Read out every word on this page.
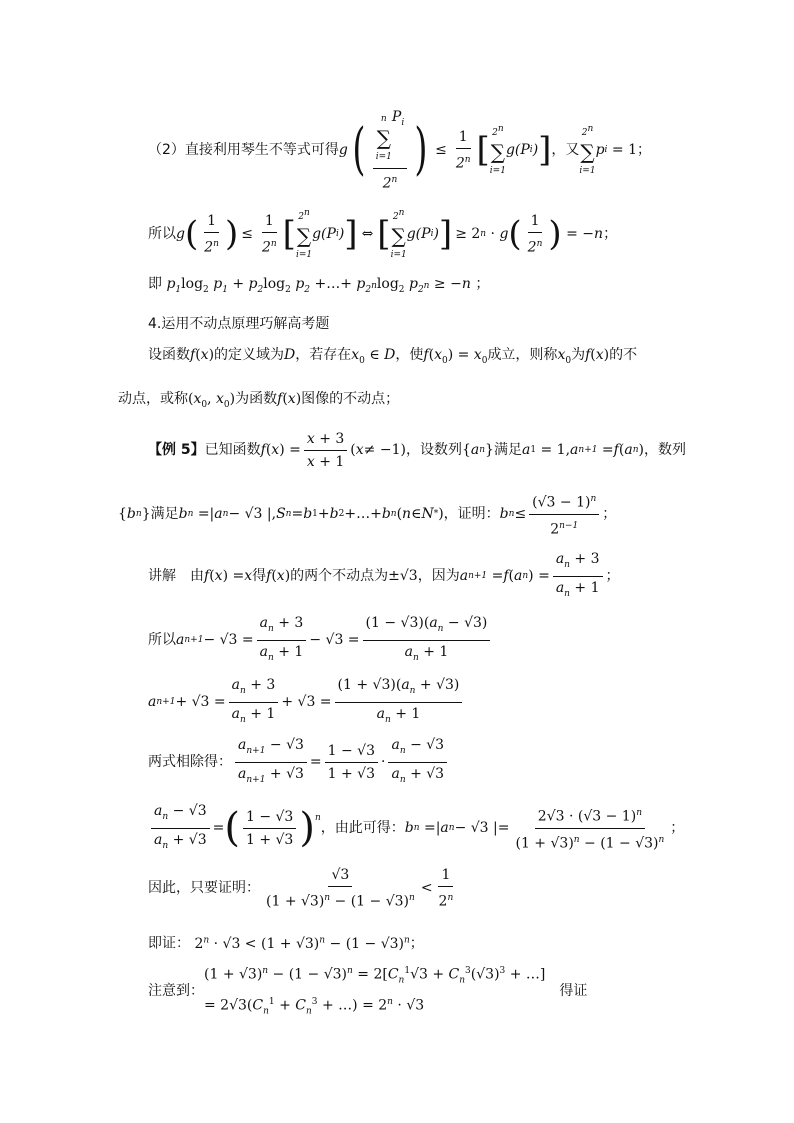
（2）直接利用琴生不等式可得 g ( n
∑
i=1
$P_i$
2$^n$ ) ≤ $\frac{1}{2^n}$ [ 2$^n$
∑
i=1
g(P i ) ] ，又
2$^n$
∑
i=1
p i = 1 ；
所以 g ( $\frac{1}{2^n}$ ) ≤ $\frac{1}{2^n}$ [ 2$^n$
∑
i=1
g(P i ) ] ⇔ [ 2$^n$
∑
i=1
g(P i ) ] ≥ 2 n · g ( $\frac{1}{2^n}$ ) = − n ；
即 $p_1\log_2$ $p_1 + p_2\log_2$ $p_2$ +…+ $p_{2^n}\log_2$ $p_{2^n} \ge -n$ ；
4.运用不动点原理巧解高考题
设函数f(x)的定义域为D，若存在$x_0$ ∈ D，使$f(x_0) = x_0$成立，则称$x_0$为f(x)的不
动点，或称($x_0$, $x_0$)为函数f(x)图像的不动点；
【例 5】 已知函数 f ( x ) = $\frac{x + 3}{x + 1}$ ( x ≠ −1) ，设数列 { a n } 满足 a 1 = 1, a n+1 = f ( a n ) ，数列
{ b n } 满足 b n =| a n − √3 |, S n = b 1 + b 2 +…+ b n ( n ∈ N * ) ，证明： b $n \le \frac{(√3 - 1)^n}{2^{n-1}}$ ；
讲解　由 f ( x ) = x 得 f ( x ) 的两个不动点为 ±√3 ，因为 a n+1 = f ( a n ) = $\frac{a_n + 3}{a_n + 1}$ ；
所以 a $n+1 - √3 = \frac{a_n + 3}{a_n + 1} - √3 = \frac{(1 - √3)(a_n - √3)}{a_n + 1}$
a $n+1 + √3 = \frac{a_n + 3}{a_n + 1} + √3 = \frac{(1 + √3)(a_n + √3)}{a_n + 1}$
两式相除得： $\frac{a_{n+1} - √3}{a_{n+1} + √3} = \frac{1 - √3}{1 + √3} \cdot \frac{a_n - √3}{a_n + √3}$
$\frac{a_n - √3}{a_n + √3}$ = ( $\frac{1 - √3}{1 + √3} )^n$
，由此可得： b n =| a n − √3 |= $\frac{2√3 \cdot (√3 - 1)^n}{(1 + √3)^n - (1 - √3)^n}$ ；
因此，只要证明： $\frac{√3}{(1 + √3)^n - (1 - √3)^n} < \frac{1}{2^n}$
即证： $2^n \cdot √3 < (1 + √3)^n - (1 - √3)^n$；
注意到：
$(1 + √3)^n - (1 - √3)^n = 2[C_n^1√3 + C_n^3(√3)^3$ + …]
= $2√3(C_n^1 + C_n^3$ + …) = $2^n \cdot √3$
得证
